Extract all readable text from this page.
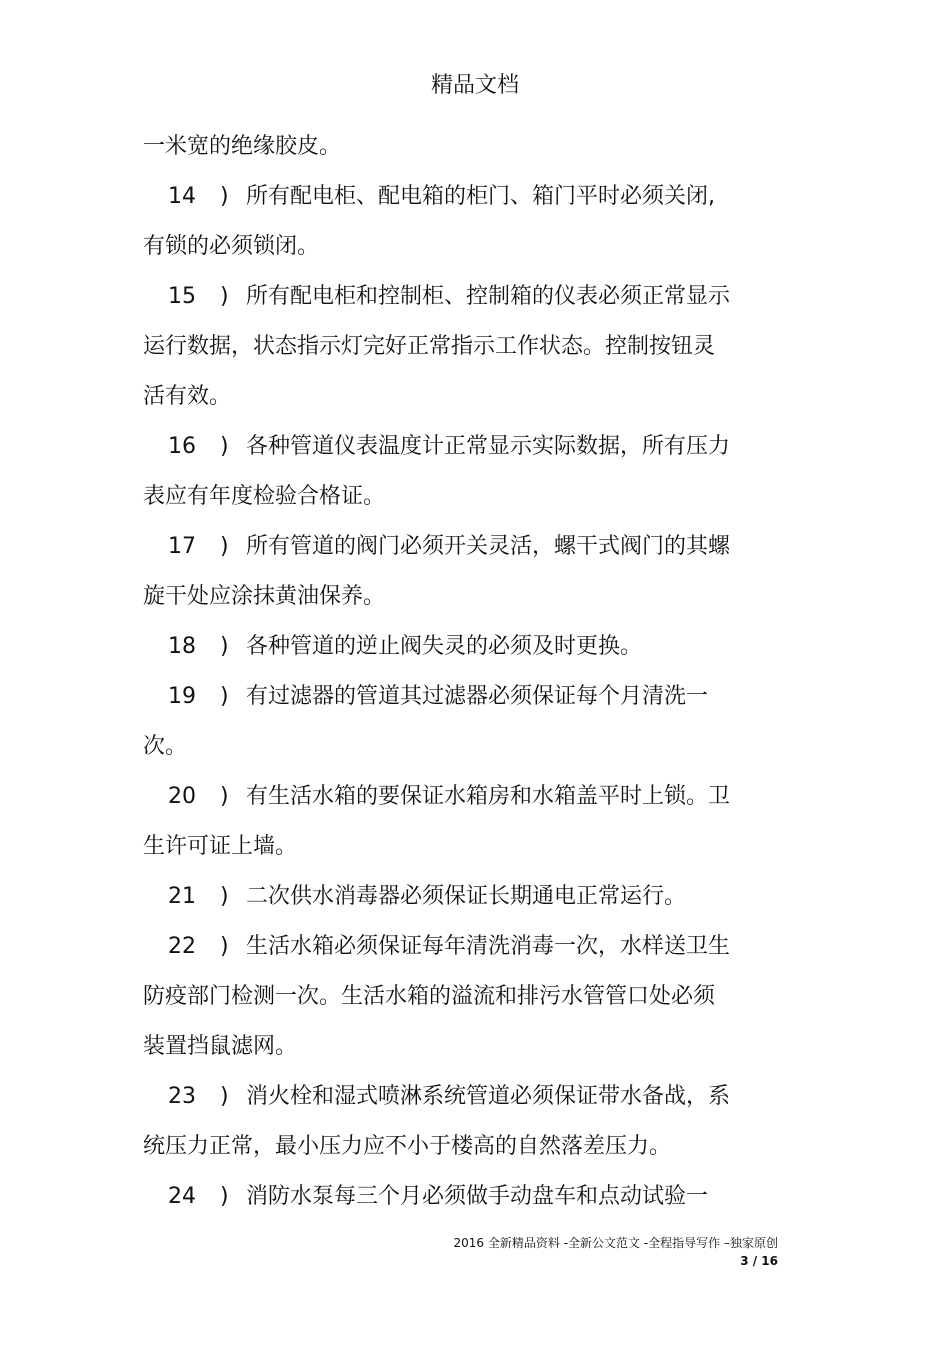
精品文档
一米宽的绝缘胶皮。
14 ) 所有配电柜、配电箱的柜门、箱门平时必须关闭,
有锁的必须锁闭。
15 ) 所有配电柜和控制柜、控制箱的仪表必须正常显示
运行数据，状态指示灯完好正常指示工作状态。控制按钮灵
活有效。
16 ) 各种管道仪表温度计正常显示实际数据，所有压力
表应有年度检验合格证。
17 ) 所有管道的阀门必须开关灵活，螺干式阀门的其螺
旋干处应涂抹黄油保养。
18 ) 各种管道的逆止阀失灵的必须及时更换。
19 ) 有过滤器的管道其过滤器必须保证每个月清洗一
次。
20 ) 有生活水箱的要保证水箱房和水箱盖平时上锁。卫
生许可证上墙。
21 ) 二次供水消毒器必须保证长期通电正常运行。
22 ) 生活水箱必须保证每年清洗消毒一次，水样送卫生
防疫部门检测一次。生活水箱的溢流和排污水管管口处必须
装置挡鼠滤网。
23 ) 消火栓和湿式喷淋系统管道必须保证带水备战，系
统压力正常，最小压力应不小于楼高的自然落差压力。
24 ) 消防水泵每三个月必须做手动盘车和点动试验一
2016 全新精品资料 -全新公文范文 -全程指导写作 –独家原创
3 / 16
